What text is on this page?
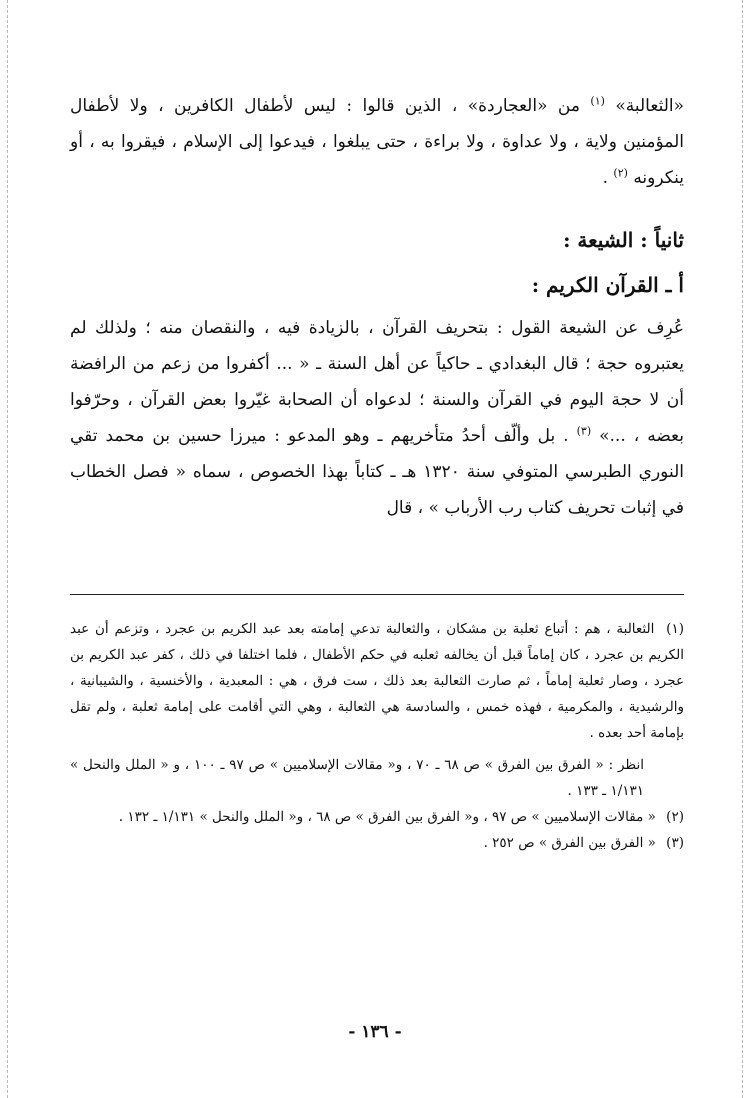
«الثعالبة» $^{(١)}$ من «العجاردة» ، الذين قالوا : ليس لأطفال الكافرين ، ولا لأطفال المؤمنين ولاية ، ولا عداوة ، ولا براءة ، حتى يبلغوا ، فيدعوا إلى الإسلام ، فيقروا به ، أو ينكرونه $^{(٢)}$ .

ثانياً : الشيعة :
أ ـ القرآن الكريم :

عُرِف عن الشيعة القول : بتحريف القرآن ، بالزيادة فيه ، والنقصان منه ؛ ولذلك لم يعتبروه حجة ؛ قال البغدادي ـ حاكياً عن أهل السنة ـ « ... أكفروا من زعم من الرافضة أن لا حجة اليوم في القرآن والسنة ؛ لدعواه أن الصحابة غيّروا بعض القرآن ، وحرّفوا بعضه ، ...» $^{(٣)}$ . بل وألّف أحدُ متأخريهم ـ وهو المدعو : ميرزا حسين بن محمد تقي النوري الطبرسي المتوفي سنة ١٣٢٠ هـ ـ كتاباً بهذا الخصوص ، سماه « فصل الخطاب في إثبات تحريف كتاب رب الأرباب » ، قال

(١) الثعالبة ، هم : أتباع ثعلبة بن مشكان ، والثعالبة تدعي إمامته بعد عبد الكريم بن عجرد ، وتزعم أن عبد الكريم بن عجرد ، كان إماماً قبل أن يخالفه ثعلبه في حكم الأطفال ، فلما اختلفا في ذلك ، كفر عبد الكريم بن عجرد ، وصار ثعلبة إماماً ، ثم صارت الثعالبة بعد ذلك ، ست فرق ، هي : المعبدية ، والأخنسية ، والشيبانية ، والرشيدية ، والمكرمية ، فهذه خمس ، والسادسة هي الثعالبة ، وهي التي أقامت على إمامة ثعلبة ، ولم تقل بإمامة أحد بعده .

انظر : « الفرق بين الفرق » ص ٦٨ ـ ٧٠ ، و« مقالات الإسلاميين » ص ٩٧ ـ ١٠٠ ، و « الملل والنحل » ١/١٣١ ـ ١٣٣ .

(٢) « مقالات الإسلاميين » ص ٩٧ ، و« الفرق بين الفرق » ص ٦٨ ، و« الملل والنحل » ١/١٣١ ـ ١٣٢ .

(٣) « الفرق بين الفرق » ص ٢٥٢ .

- ١٣٦ -
